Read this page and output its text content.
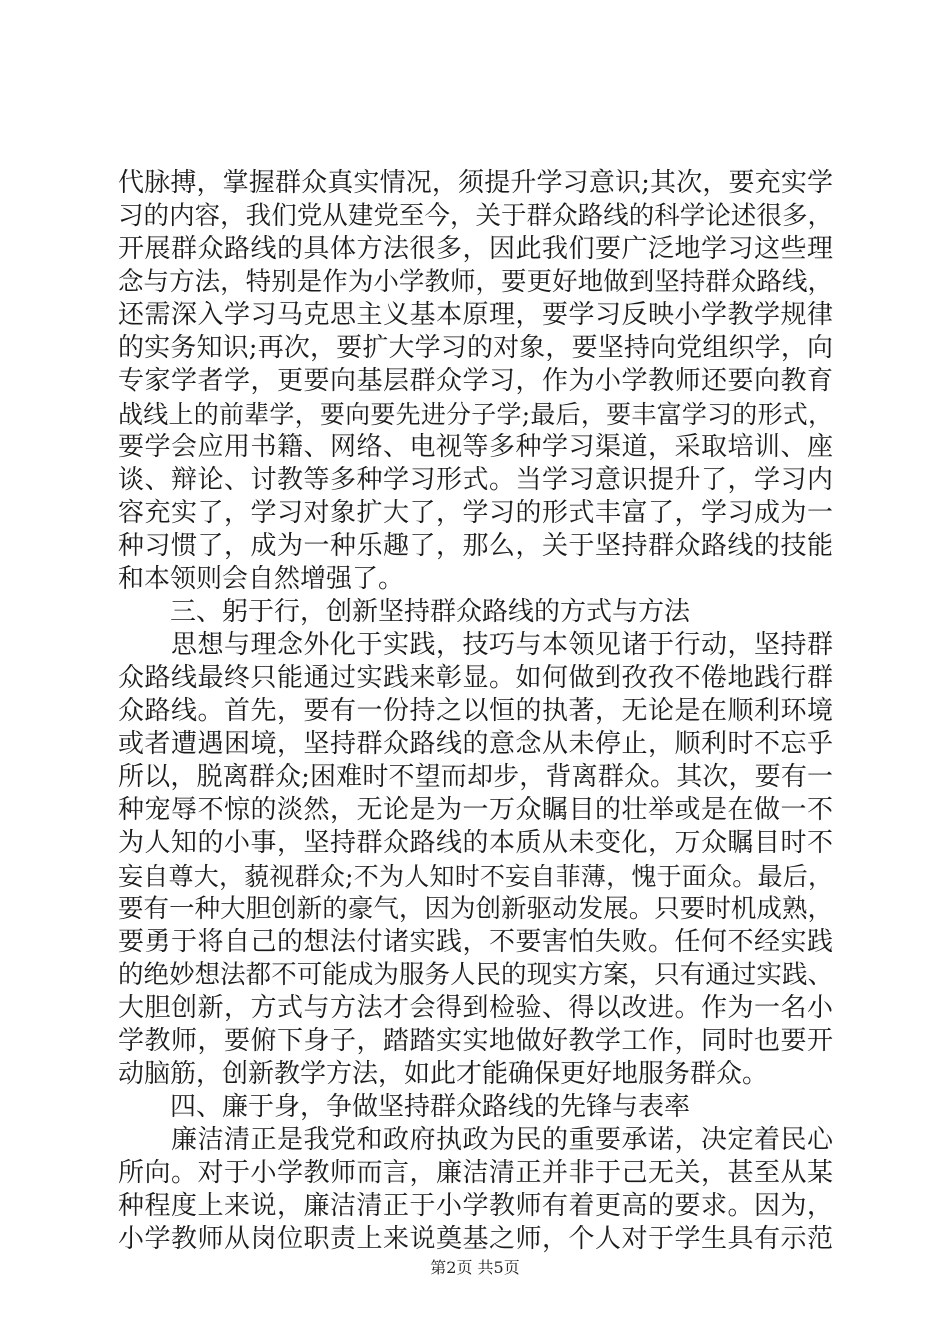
代脉搏，掌握群众真实情况，须提升学习意识;其次，要充实学
习的内容，我们党从建党至今，关于群众路线的科学论述很多，
开展群众路线的具体方法很多，因此我们要广泛地学习这些理
念与方法，特别是作为小学教师，要更好地做到坚持群众路线，
还需深入学习马克思主义基本原理，要学习反映小学教学规律
的实务知识;再次，要扩大学习的对象，要坚持向党组织学，向
专家学者学，更要向基层群众学习，作为小学教师还要向教育
战线上的前辈学，要向要先进分子学;最后，要丰富学习的形式，
要学会应用书籍、网络、电视等多种学习渠道，采取培训、座
谈、辩论、讨教等多种学习形式。当学习意识提升了，学习内
容充实了，学习对象扩大了，学习的形式丰富了，学习成为一
种习惯了，成为一种乐趣了，那么，关于坚持群众路线的技能
和本领则会自然增强了。
　　三、躬于行，创新坚持群众路线的方式与方法
　　思想与理念外化于实践，技巧与本领见诸于行动，坚持群
众路线最终只能通过实践来彰显。如何做到孜孜不倦地践行群
众路线。首先，要有一份持之以恒的执著，无论是在顺利环境
或者遭遇困境，坚持群众路线的意念从未停止，顺利时不忘乎
所以，脱离群众;困难时不望而却步，背离群众。其次，要有一
种宠辱不惊的淡然，无论是为一万众瞩目的壮举或是在做一不
为人知的小事，坚持群众路线的本质从未变化，万众瞩目时不
妄自尊大，藐视群众;不为人知时不妄自菲薄，愧于面众。最后，
要有一种大胆创新的豪气，因为创新驱动发展。只要时机成熟，
要勇于将自己的想法付诸实践，不要害怕失败。任何不经实践
的绝妙想法都不可能成为服务人民的现实方案，只有通过实践、
大胆创新，方式与方法才会得到检验、得以改进。作为一名小
学教师，要俯下身子，踏踏实实地做好教学工作，同时也要开
动脑筋，创新教学方法，如此才能确保更好地服务群众。
　　四、廉于身，争做坚持群众路线的先锋与表率
　　廉洁清正是我党和政府执政为民的重要承诺，决定着民心
所向。对于小学教师而言，廉洁清正并非于己无关，甚至从某
种程度上来说，廉洁清正于小学教师有着更高的要求。因为，
小学教师从岗位职责上来说奠基之师，个人对于学生具有示范
第2页 共5页
